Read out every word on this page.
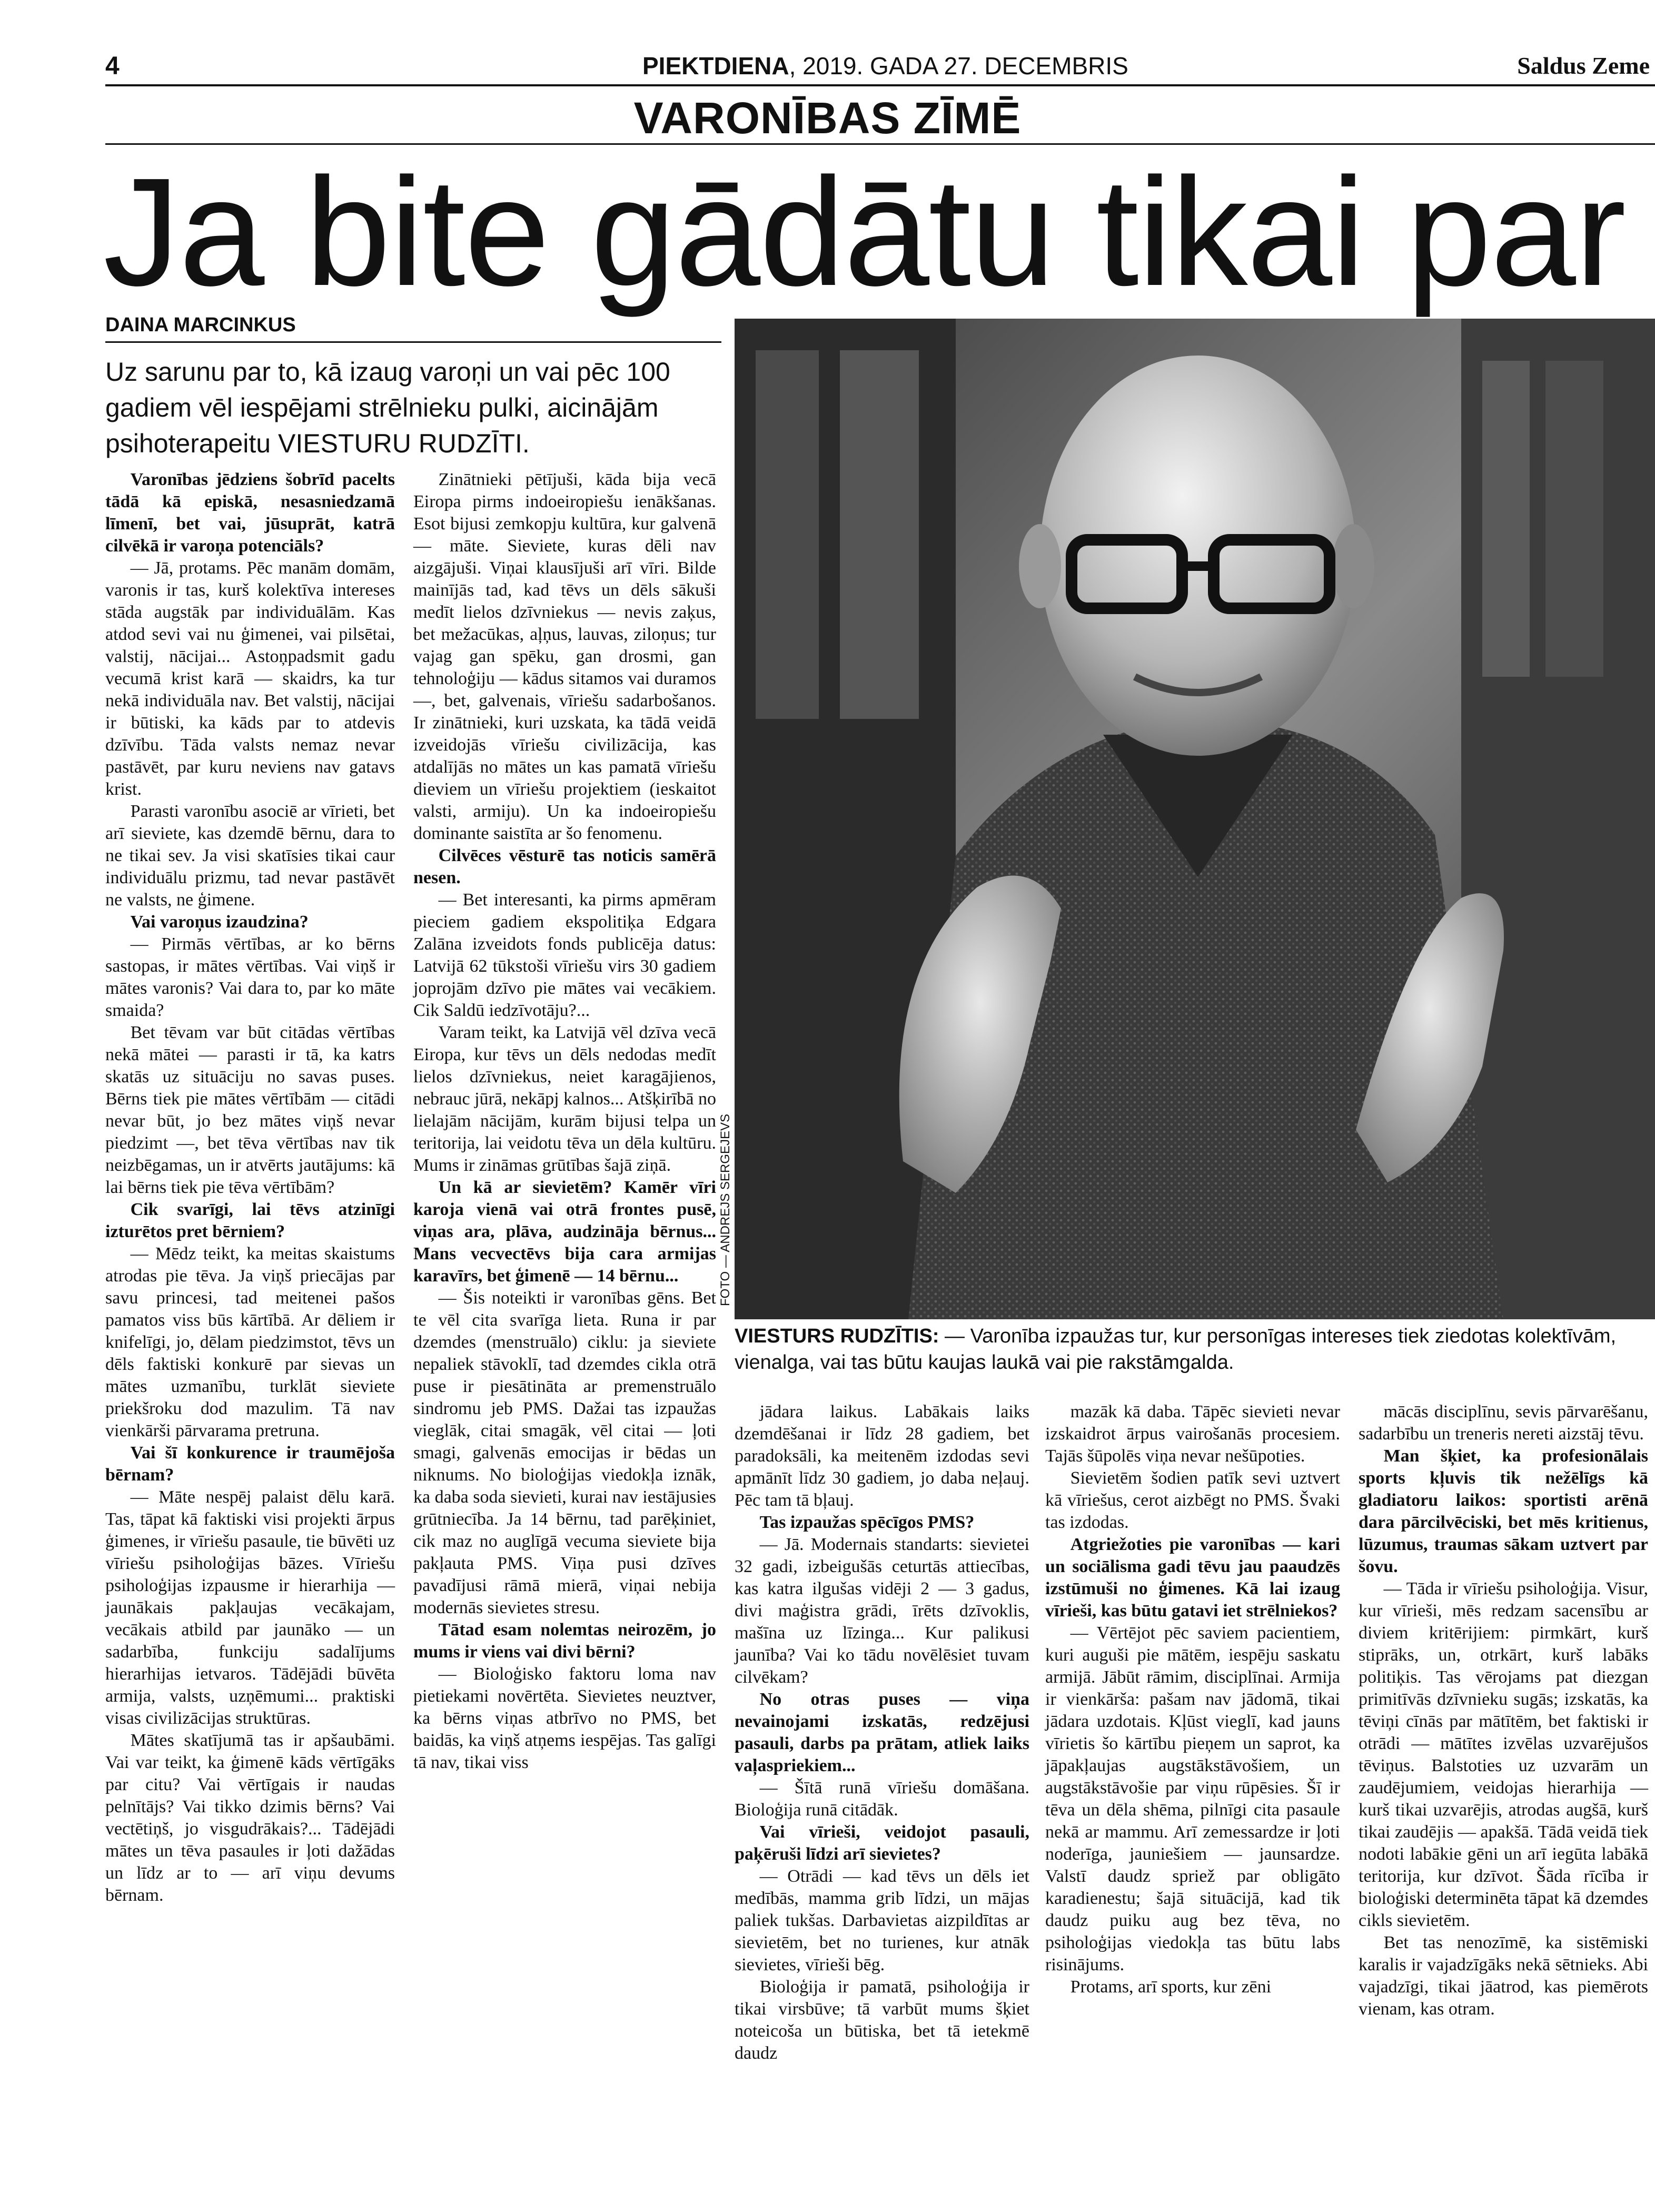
4	PIEKTDIENA, 2019. GADA 27. DECEMBRIS	Saldus Zeme
VARONĪBAS ZĪMĒ
Ja bite gādātu tikai par
DAINA MARCINKUS
Uz sarunu par to, kā izaug varoņi un vai pēc 100 gadiem vēl iespējami strēlnieku pulki, aicinājām psihoterapeitu VIESTURU RUDZĪTI.
FOTO — ANDREJS SERGEJEVS
VIESTURS RUDZĪTIS: — Varonība izpaužas tur, kur personīgas intereses tiek ziedotas kolektīvām, vienalga, vai tas būtu kaujas laukā vai pie rakstāmgalda.

Varonības jēdziens šobrīd pacelts tādā kā episkā, nesasniedzamā līmenī, bet vai, jūsuprāt, katrā cilvēkā ir varoņa potenciāls?

— Jā, protams. Pēc manām domām, varonis ir tas, kurš kolektīva intereses stāda augstāk par individuālām. Kas atdod sevi vai nu ģimenei, vai pilsētai, valstij, nācijai... Astoņpadsmit gadu vecumā krist karā — skaidrs, ka tur nekā individuāla nav. Bet valstij, nācijai ir būtiski, ka kāds par to atdevis dzīvību. Tāda valsts nemaz nevar pastāvēt, par kuru neviens nav gatavs krist.

Parasti varonību asociē ar vīrieti, bet arī sieviete, kas dzemdē bērnu, dara to ne tikai sev. Ja visi skatīsies tikai caur individuālu prizmu, tad nevar pastāvēt ne valsts, ne ģimene.

Vai varoņus izaudzina?

— Pirmās vērtības, ar ko bērns sastopas, ir mātes vērtības. Vai viņš ir mātes varonis? Vai dara to, par ko māte smaida?

Bet tēvam var būt citādas vērtības nekā mātei — parasti ir tā, ka katrs skatās uz situāciju no savas puses. Bērns tiek pie mātes vērtībām — citādi nevar būt, jo bez mātes viņš nevar piedzimt —, bet tēva vērtības nav tik neizbēgamas, un ir atvērts jautājums: kā lai bērns tiek pie tēva vērtībām?

Cik svarīgi, lai tēvs atzinīgi izturētos pret bērniem?

— Mēdz teikt, ka meitas skaistums atrodas pie tēva. Ja viņš priecājas par savu princesi, tad meitenei pašos pamatos viss būs kārtībā. Ar dēliem ir knifelīgi, jo, dēlam piedzimstot, tēvs un dēls faktiski konkurē par sievas un mātes uzmanību, turklāt sieviete priekšroku dod mazulim. Tā nav vienkārši pārvarama pretruna.

Vai šī konkurence ir traumējoša bērnam?

— Māte nespēj palaist dēlu karā. Tas, tāpat kā faktiski visi projekti ārpus ģimenes, ir vīriešu pasaule, tie būvēti uz vīriešu psiholoģijas bāzes. Vīriešu psiholoģijas izpausme ir hierarhija — jaunākais pakļaujas vecākajam, vecākais atbild par jaunāko — un sadarbība, funkciju sadalījums hierarhijas ietvaros. Tādējādi būvēta armija, valsts, uzņēmumi... praktiski visas civilizācijas struktūras.

Mātes skatījumā tas ir apšaubāmi. Vai var teikt, ka ģimenē kāds vērtīgāks par citu? Vai vērtīgais ir naudas pelnītājs? Vai tikko dzimis bērns? Vai vectētiņš, jo visgudrākais?... Tādējādi mātes un tēva pasaules ir ļoti dažādas un līdz ar to — arī viņu devums bērnam.

Zinātnieki pētījuši, kāda bija vecā Eiropa pirms indoeiropiešu ienākšanas. Esot bijusi zemkopju kultūra, kur galvenā — māte. Sieviete, kuras dēli nav aizgājuši. Viņai klausījuši arī vīri. Bilde mainījās tad, kad tēvs un dēls sākuši medīt lielos dzīvniekus — nevis zaķus, bet mežacūkas, aļņus, lauvas, ziloņus; tur vajag gan spēku, gan drosmi, gan tehnoloģiju — kādus sitamos vai duramos —, bet, galvenais, vīriešu sadarbošanos. Ir zinātnieki, kuri uzskata, ka tādā veidā izveidojās vīriešu civilizācija, kas atdalījās no mātes un kas pamatā vīriešu dieviem un vīriešu projektiem (ieskaitot valsti, armiju). Un ka indoeiropiešu dominante saistīta ar šo fenomenu.

Cilvēces vēsturē tas noticis samērā nesen.

— Bet interesanti, ka pirms apmēram pieciem gadiem ekspolitiķa Edgara Zalāna izveidots fonds publicēja datus: Latvijā 62 tūkstoši vīriešu virs 30 gadiem joprojām dzīvo pie mātes vai vecākiem. Cik Saldū iedzīvotāju?...

Varam teikt, ka Latvijā vēl dzīva vecā Eiropa, kur tēvs un dēls nedodas medīt lielos dzīvniekus, neiet karagājienos, nebrauc jūrā, nekāpj kalnos... Atšķirībā no lielajām nācijām, kurām bijusi telpa un teritorija, lai veidotu tēva un dēla kultūru. Mums ir zināmas grūtības šajā ziņā.

Un kā ar sievietēm? Kamēr vīri karoja vienā vai otrā frontes pusē, viņas ara, plāva, audzināja bērnus... Mans vecvectēvs bija cara armijas karavīrs, bet ģimenē — 14 bērnu...

— Šis noteikti ir varonības gēns. Bet te vēl cita svarīga lieta. Runa ir par dzemdes (menstruālo) ciklu: ja sieviete nepaliek stāvoklī, tad dzemdes cikla otrā puse ir piesātināta ar premenstruālo sindromu jeb PMS. Dažai tas izpaužas vieglāk, citai smagāk, vēl citai — ļoti smagi, galvenās emocijas ir bēdas un niknums. No bioloģijas viedokļa iznāk, ka daba soda sievieti, kurai nav iestājusies grūtniecība. Ja 14 bērnu, tad parēķiniet, cik maz no auglīgā vecuma sieviete bija pakļauta PMS. Viņa pusi dzīves pavadījusi rāmā mierā, viņai nebija modernās sievietes stresu.

Tātad esam nolemtas neirozēm, jo mums ir viens vai divi bērni?

— Bioloģisko faktoru loma nav pietiekami novērtēta. Sievietes neuztver, ka bērns viņas atbrīvo no PMS, bet baidās, ka viņš atņems iespējas. Tas galīgi tā nav, tikai viss

jādara laikus. Labākais laiks dzemdēšanai ir līdz 28 gadiem, bet paradoksāli, ka meitenēm izdodas sevi apmānīt līdz 30 gadiem, jo daba neļauj. Pēc tam tā bļauj.

Tas izpaužas spēcīgos PMS?

— Jā. Modernais standarts: sievietei 32 gadi, izbeigušās ceturtās attiecības, kas katra ilgušas vidēji 2 — 3 gadus, divi maģistra grādi, īrēts dzīvoklis, mašīna uz līzinga... Kur palikusi jaunība? Vai ko tādu novēlēsiet tuvam cilvēkam?

No otras puses — viņa nevainojami izskatās, redzējusi pasauli, darbs pa prātam, atliek laiks vaļaspriekiem...

— Šītā runā vīriešu domāšana. Bioloģija runā citādāk.

Vai vīrieši, veidojot pasauli, paķēruši līdzi arī sievietes?

— Otrādi — kad tēvs un dēls iet medībās, mamma grib līdzi, un mājas paliek tukšas. Darbavietas aizpildītas ar sievietēm, bet no turienes, kur atnāk sievietes, vīrieši bēg.

Bioloģija ir pamatā, psiholoģija ir tikai virsbūve; tā varbūt mums šķiet noteicoša un būtiska, bet tā ietekmē daudz

mazāk kā daba. Tāpēc sievieti nevar izskaidrot ārpus vairošanās procesiem. Tajās šūpolēs viņa nevar nešūpoties.

Sievietēm šodien patīk sevi uztvert kā vīriešus, cerot aizbēgt no PMS. Švaki tas izdodas.

Atgriežoties pie varonības — kari un sociālisma gadi tēvu jau paaudzēs izstūmuši no ģimenes. Kā lai izaug vīrieši, kas būtu gatavi iet strēlniekos?

— Vērtējot pēc saviem pacientiem, kuri auguši pie mātēm, iespēju saskatu armijā. Jābūt rāmim, disciplīnai. Armija ir vienkārša: pašam nav jādomā, tikai jādara uzdotais. Kļūst vieglī, kad jauns vīrietis šo kārtību pieņem un saprot, ka jāpakļaujas augstākstāvošiem, un augstākstāvošie par viņu rūpēsies. Šī ir tēva un dēla shēma, pilnīgi cita pasaule nekā ar mammu. Arī zemessardze ir ļoti noderīga, jauniešiem — jaunsardze. Valstī daudz spriež par obligāto karadienestu; šajā situācijā, kad tik daudz puiku aug bez tēva, no psiholoģijas viedokļa tas būtu labs risinājums.

Protams, arī sports, kur zēni

mācās disciplīnu, sevis pārvarēšanu, sadarbību un treneris nereti aizstāj tēvu.

Man šķiet, ka profesionālais sports kļuvis tik nežēlīgs kā gladiatoru laikos: sportisti arēnā dara pārcilvēciski, bet mēs kritienus, lūzumus, traumas sākam uztvert par šovu.

— Tāda ir vīriešu psiholoģija. Visur, kur vīrieši, mēs redzam sacensību ar diviem kritērijiem: pirmkārt, kurš stiprāks, un, otrkārt, kurš labāks politiķis. Tas vērojams pat diezgan primitīvās dzīvnieku sugās; izskatās, ka tēviņi cīnās par mātītēm, bet faktiski ir otrādi — mātītes izvēlas uzvarējušos tēviņus. Balstoties uz uzvarām un zaudējumiem, veidojas hierarhija — kurš tikai uzvarējis, atrodas augšā, kurš tikai zaudējis — apakšā. Tādā veidā tiek nodoti labākie gēni un arī iegūta labākā teritorija, kur dzīvot. Šāda rīcība ir bioloģiski determinēta tāpat kā dzemdes cikls sievietēm.

Bet tas nenozīmē, ka sistēmiski karalis ir vajadzīgāks nekā sētnieks. Abi vajadzīgi, tikai jāatrod, kas piemērots vienam, kas otram.
